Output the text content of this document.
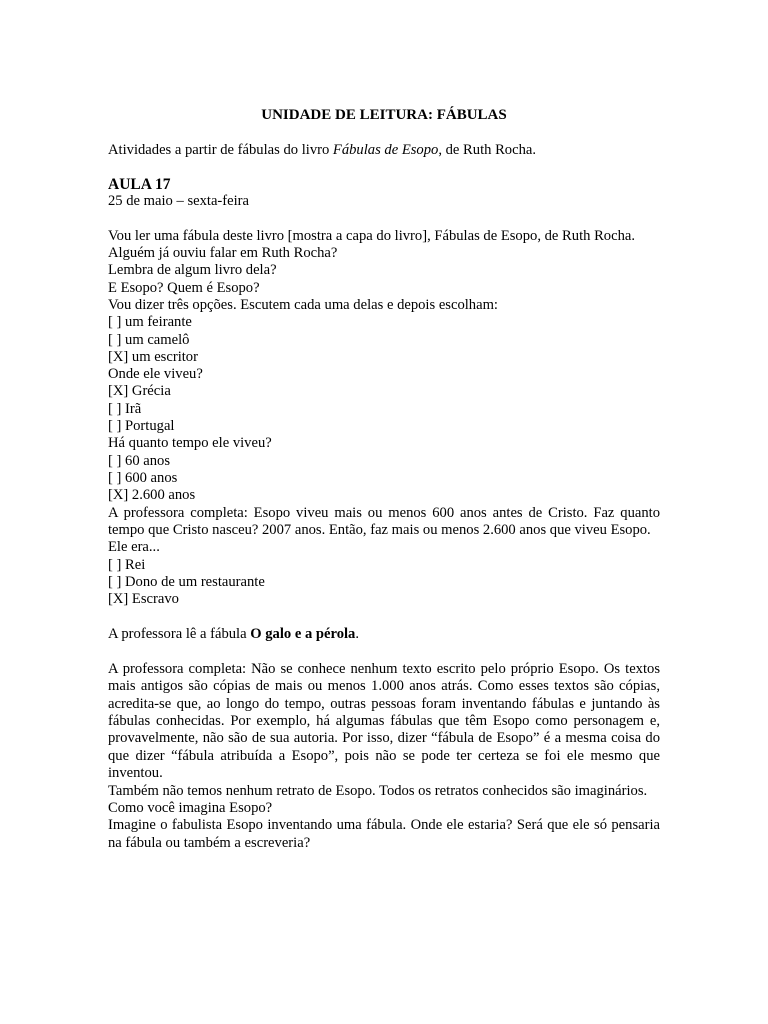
UNIDADE DE LEITURA: FÁBULAS
Atividades a partir de fábulas do livro Fábulas de Esopo, de Ruth Rocha.
AULA 17
25 de maio – sexta-feira
Vou ler uma fábula deste livro [mostra a capa do livro], Fábulas de Esopo, de Ruth Rocha.
Alguém já ouviu falar em Ruth Rocha?
Lembra de algum livro dela?
E Esopo? Quem é Esopo?
Vou dizer três opções. Escutem cada uma delas e depois escolham:
[ ] um feirante
[ ] um camelô
[X] um escritor
Onde ele viveu?
[X] Grécia
[ ] Irã
[ ] Portugal
Há quanto tempo ele viveu?
[ ] 60 anos
[ ] 600 anos
[X] 2.600 anos
A professora completa: Esopo viveu mais ou menos 600 anos antes de Cristo. Faz quanto tempo que Cristo nasceu? 2007 anos. Então, faz mais ou menos 2.600 anos que viveu Esopo.
Ele era...
[ ] Rei
[ ] Dono de um restaurante
[X] Escravo
A professora lê a fábula O galo e a pérola.
A professora completa: Não se conhece nenhum texto escrito pelo próprio Esopo. Os textos mais antigos são cópias de mais ou menos 1.000 anos atrás. Como esses textos são cópias, acredita-se que, ao longo do tempo, outras pessoas foram inventando fábulas e juntando às fábulas conhecidas. Por exemplo, há algumas fábulas que têm Esopo como personagem e, provavelmente, não são de sua autoria. Por isso, dizer “fábula de Esopo” é a mesma coisa do que dizer “fábula atribuída a Esopo”, pois não se pode ter certeza se foi ele mesmo que inventou.
Também não temos nenhum retrato de Esopo. Todos os retratos conhecidos são imaginários.
Como você imagina Esopo?
Imagine o fabulista Esopo inventando uma fábula. Onde ele estaria? Será que ele só pensaria na fábula ou também a escreveria?
